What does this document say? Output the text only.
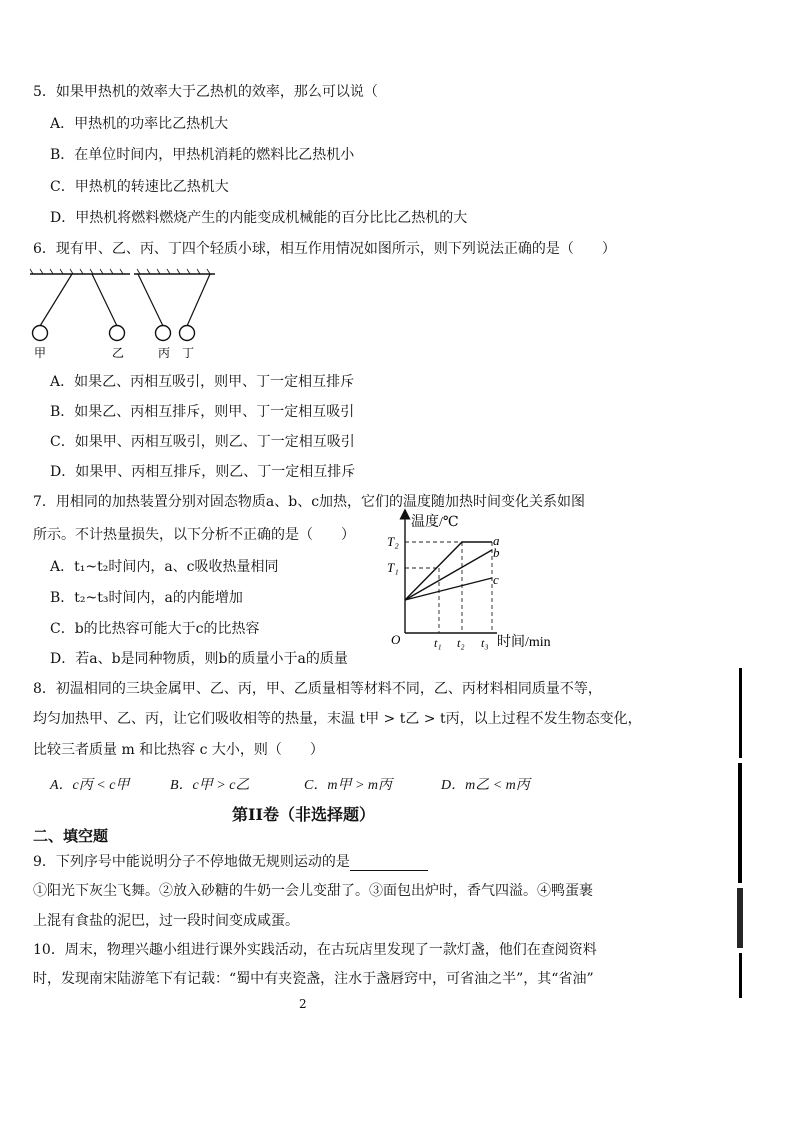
5．如果甲热机的效率大于乙热机的效率，那么可以说（
A．甲热机的功率比乙热机大
B．在单位时间内，甲热机消耗的燃料比乙热机小
C．甲热机的转速比乙热机大
D．甲热机将燃料燃烧产生的内能变成机械能的百分比比乙热机的大
6．现有甲、乙、丙、丁四个轻质小球，相互作用情况如图所示，则下列说法正确的是（　　）
甲	乙	丙 丁
A．如果乙、丙相互吸引，则甲、丁一定相互排斥
B．如果乙、丙相互排斥，则甲、丁一定相互吸引
C．如果甲、丙相互吸引，则乙、丁一定相互吸引
D．如果甲、丙相互排斥，则乙、丁一定相互排斥
7．用相同的加热装置分别对固态物质a、b、c加热，它们的温度随加热时间变化关系如图
所示。不计热量损失，以下分析不正确的是（　　）
A．t₁~t₂时间内，a、c吸收热量相同
B．t₂~t₃时间内，a的内能增加
C．b的比热容可能大于c的比热容
D．若a、b是同种物质，则b的质量小于a的质量
温度/℃
T₂
T₁
a
b
c
O	t₁ t₂ t₃ 时间/min
8．初温相同的三块金属甲、乙、丙，甲、乙质量相等材料不同，乙、丙材料相同质量不等，
均匀加热甲、乙、丙，让它们吸收相等的热量，末温 t甲 > t乙 > t丙，以上过程不发生物态变化，
比较三者质量 m 和比热容 c 大小，则（　　）
A．c丙 < c甲	B．c甲 > c乙	C．m甲 > m丙	D．m乙 < m丙
第II卷（非选择题）
二、填空题
9．下列序号中能说明分子不停地做无规则运动的是
①阳光下灰尘飞舞。②放入砂糖的牛奶一会儿变甜了。③面包出炉时，香气四溢。④鸭蛋裹
上混有食盐的泥巴，过一段时间变成咸蛋。
10．周末，物理兴趣小组进行课外实践活动，在古玩店里发现了一款灯盏，他们在查阅资料
时，发现南宋陆游笔下有记载：“蜀中有夹瓷盏，注水于盏唇窍中，可省油之半”，其“省油”
2
